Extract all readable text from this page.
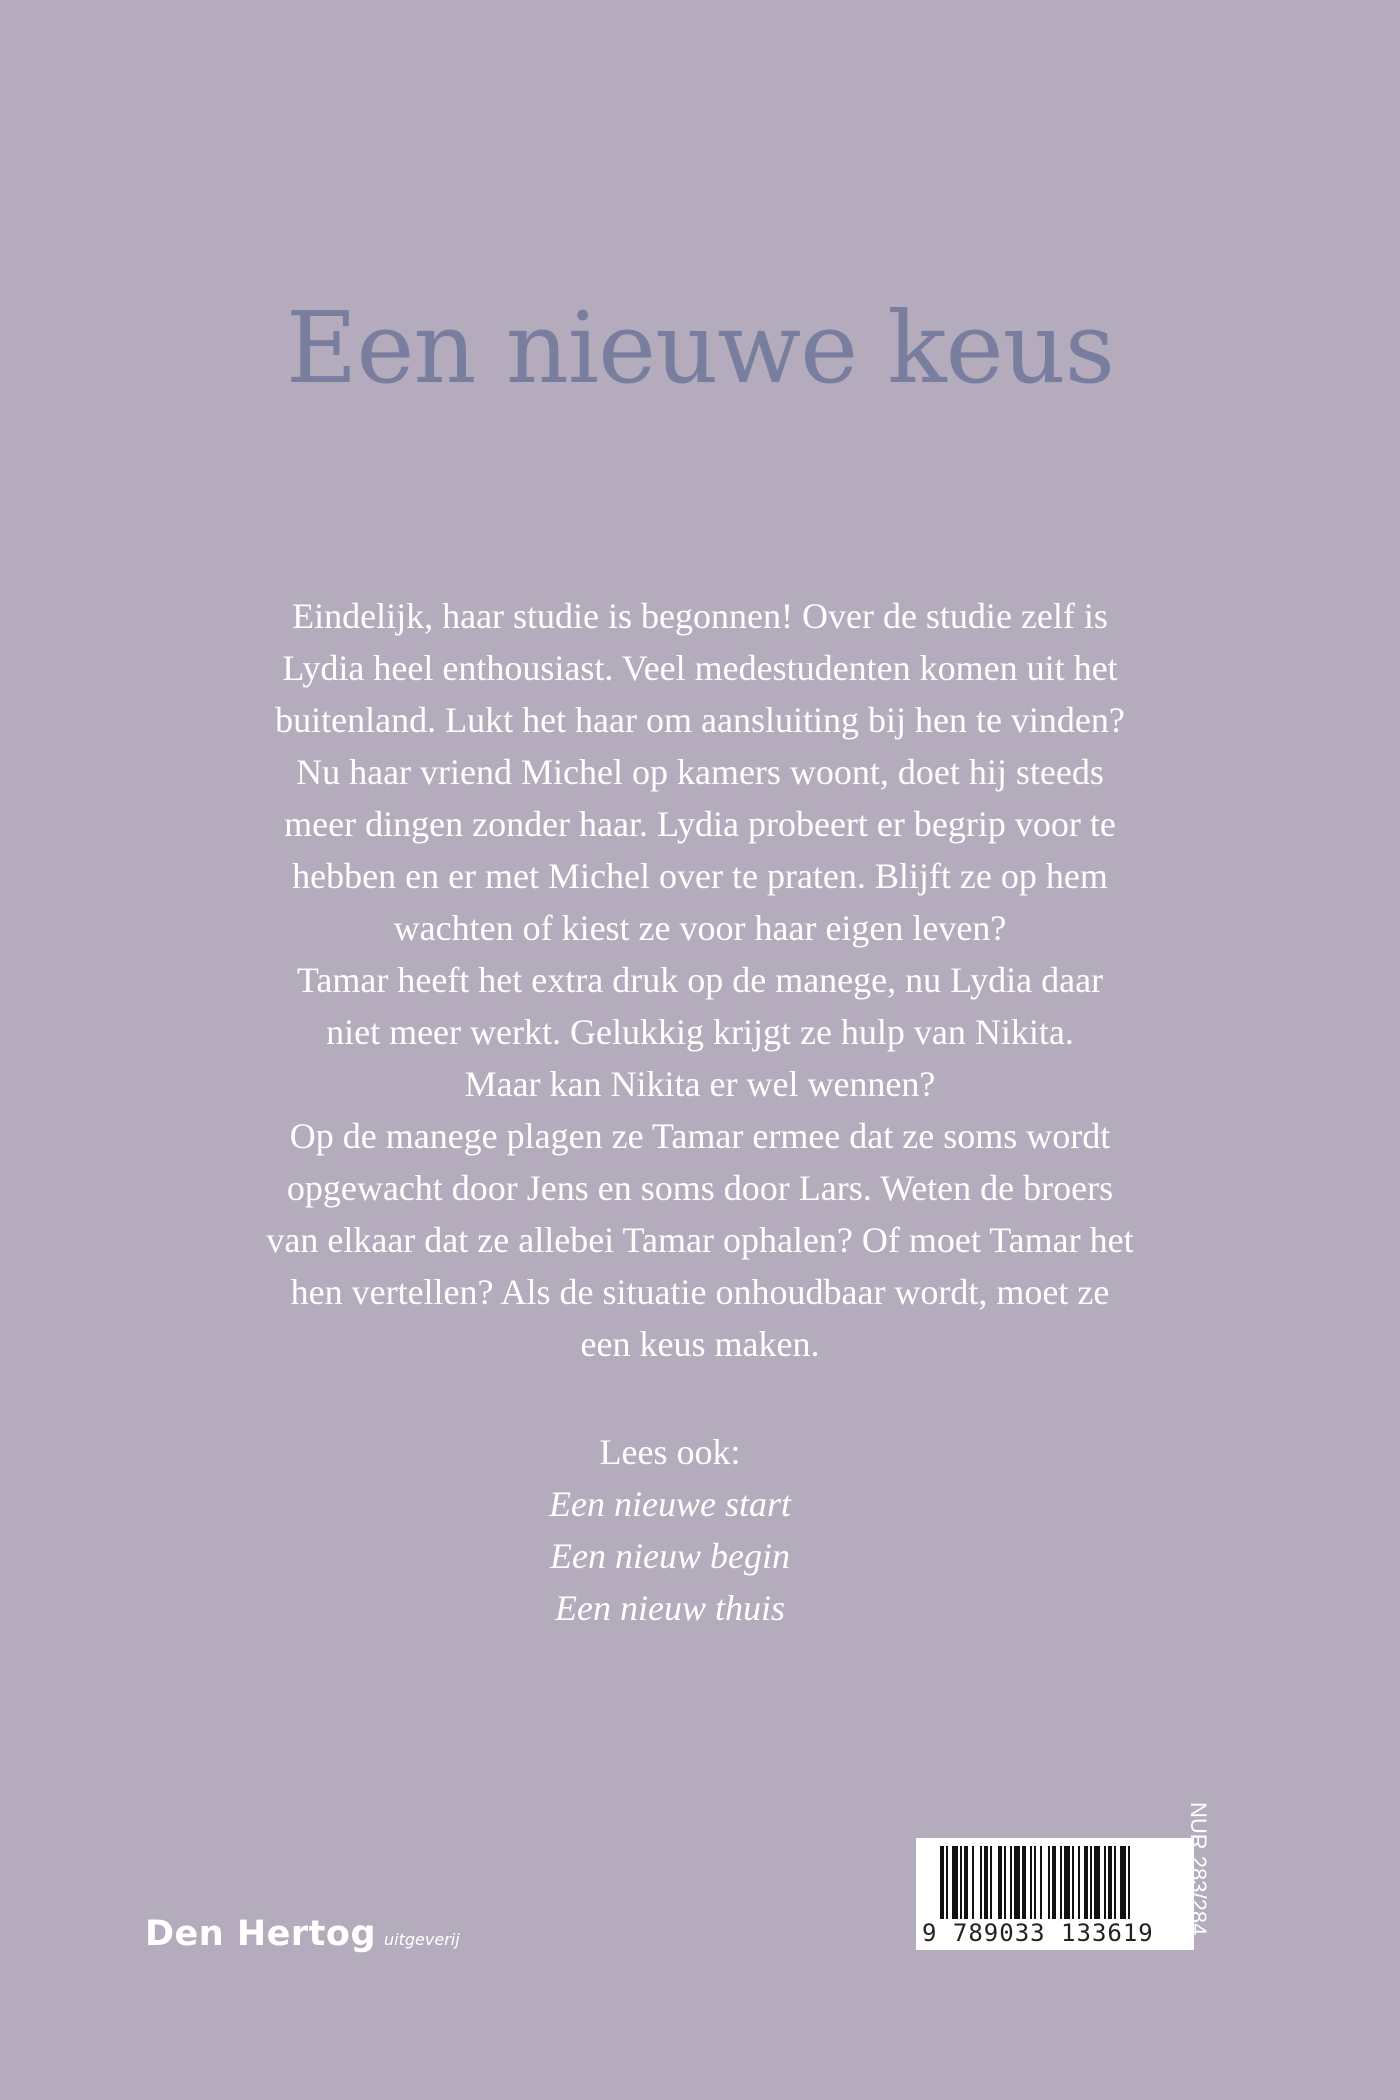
Een nieuwe keus
Eindelijk, haar studie is begonnen! Over de studie zelf is
Lydia heel enthousiast. Veel medestudenten komen uit het
buitenland. Lukt het haar om aansluiting bij hen te vinden?
Nu haar vriend Michel op kamers woont, doet hij steeds
meer dingen zonder haar. Lydia probeert er begrip voor te
hebben en er met Michel over te praten. Blijft ze op hem
wachten of kiest ze voor haar eigen leven?
Tamar heeft het extra druk op de manege, nu Lydia daar
niet meer werkt. Gelukkig krijgt ze hulp van Nikita.
Maar kan Nikita er wel wennen?
Op de manege plagen ze Tamar ermee dat ze soms wordt
opgewacht door Jens en soms door Lars. Weten de broers
van elkaar dat ze allebei Tamar ophalen? Of moet Tamar het
hen vertellen? Als de situatie onhoudbaar wordt, moet ze
een keus maken.
Lees ook:
Een nieuwe start
Een nieuw begin
Een nieuw thuis
Den Hertog uitgeverij	9 789033 133619 NUR 283/284
